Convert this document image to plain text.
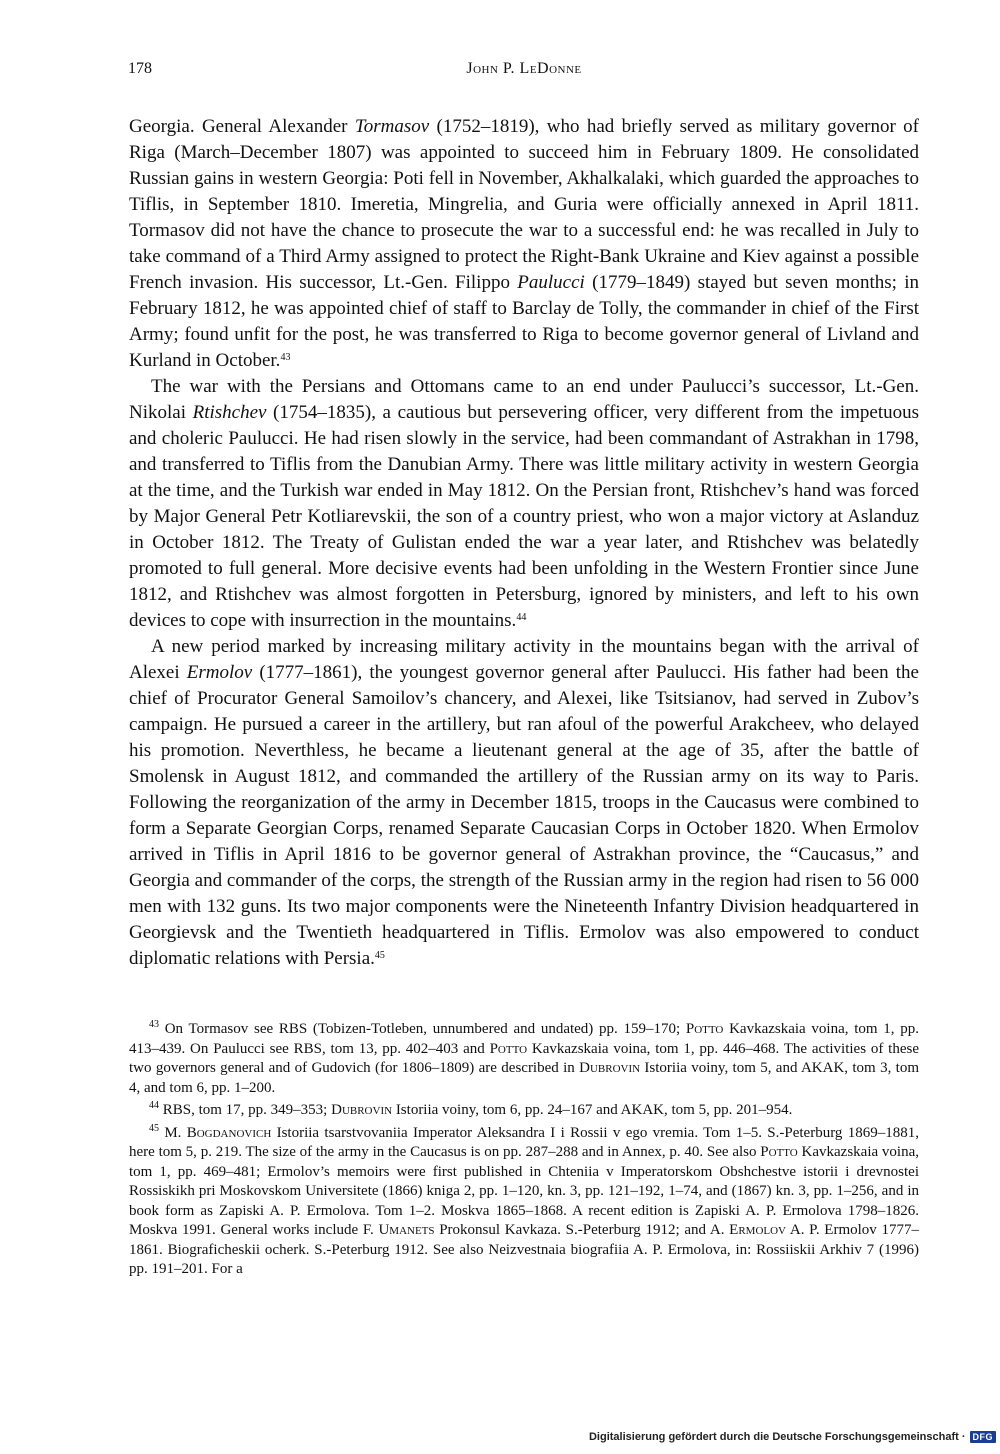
178	John P. LeDonne

Georgia. General Alexander Tormasov (1752–1819), who had briefly served as military governor of Riga (March–December 1807) was appointed to succeed him in February 1809. He consolidated Russian gains in western Georgia: Poti fell in November, Akhalkalaki, which guarded the approaches to Tiflis, in September 1810. Imeretia, Mingrelia, and Guria were officially annexed in April 1811. Tormasov did not have the chance to prosecute the war to a successful end: he was recalled in July to take command of a Third Army assigned to protect the Right-Bank Ukraine and Kiev against a possible French invasion. His successor, Lt.-Gen. Filippo Paulucci (1779–1849) stayed but seven months; in February 1812, he was appointed chief of staff to Barclay de Tolly, the commander in chief of the First Army; found unfit for the post, he was transferred to Riga to become governor general of Livland and Kurland in October.$^{43}$

The war with the Persians and Ottomans came to an end under Paulucci’s successor, Lt.-Gen. Nikolai Rtishchev (1754–1835), a cautious but persevering officer, very different from the impetuous and choleric Paulucci. He had risen slowly in the service, had been commandant of Astrakhan in 1798, and transferred to Tiflis from the Danubian Army. There was little military activity in western Georgia at the time, and the Turkish war ended in May 1812. On the Persian front, Rtishchev’s hand was forced by Major General Petr Kotliarevskii, the son of a country priest, who won a major victory at Aslanduz in October 1812. The Treaty of Gulistan ended the war a year later, and Rtishchev was belatedly promoted to full general. More decisive events had been unfolding in the Western Frontier since June 1812, and Rtishchev was almost forgotten in Petersburg, ignored by ministers, and left to his own devices to cope with insurrection in the mountains.$^{44}$

A new period marked by increasing military activity in the mountains began with the arrival of Alexei Ermolov (1777–1861), the youngest governor general after Paulucci. His father had been the chief of Procurator General Samoilov’s chancery, and Alexei, like Tsitsianov, had served in Zubov’s campaign. He pursued a career in the artillery, but ran afoul of the powerful Arakcheev, who delayed his promotion. Neverthless, he became a lieutenant general at the age of 35, after the battle of Smolensk in August 1812, and commanded the artillery of the Russian army on its way to Paris. Following the reorganization of the army in December 1815, troops in the Caucasus were combined to form a Separate Georgian Corps, renamed Separate Caucasian Corps in October 1820. When Ermolov arrived in Tiflis in April 1816 to be governor general of Astrakhan province, the “Caucasus,” and Georgia and commander of the corps, the strength of the Russian army in the region had risen to 56 000 men with 132 guns. Its two major components were the Nineteenth Infantry Division headquartered in Georgievsk and the Twentieth headquartered in Tiflis. Ermolov was also empowered to conduct diplomatic relations with Persia.$^{45}$

$^{43}$ On Tormasov see RBS (Tobizen-Totleben, unnumbered and undated) pp. 159–170; Potto Kavkazskaia voina, tom 1, pp. 413–439. On Paulucci see RBS, tom 13, pp. 402–403 and Potto Kavkazskaia voina, tom 1, pp. 446–468. The activities of these two governors general and of Gudovich (for 1806–1809) are described in Dubrovin Istoriia voiny, tom 5, and AKAK, tom 3, tom 4, and tom 6, pp. 1–200.

$^{44}$ RBS, tom 17, pp. 349–353; Dubrovin Istoriia voiny, tom 6, pp. 24–167 and AKAK, tom 5, pp. 201–954.

$^{45}$ M. Bogdanovich Istoriia tsarstvovaniia Imperator Aleksandra I i Rossii v ego vremia. Tom 1–5. S.-Peterburg 1869–1881, here tom 5, p. 219. The size of the army in the Caucasus is on pp. 287–288 and in Annex, p. 40. See also Potto Kavkazskaia voina, tom 1, pp. 469–481; Ermolov’s memoirs were first published in Chteniia v Imperatorskom Obshchestve istorii i drevnostei Rossiskikh pri Moskovskom Universitete (1866) kniga 2, pp. 1–120, kn. 3, pp. 121–192, 1–74, and (1867) kn. 3, pp. 1–256, and in book form as Zapiski A. P. Ermolova. Tom 1–2. Moskva 1865–1868. A recent edition is Zapiski A. P. Ermolova 1798–1826. Moskva 1991. General works include F. Umanets Prokonsul Kavkaza. S.-Peterburg 1912; and A. Ermolov A. P. Ermolov 1777–1861. Biograficheskii ocherk. S.-Peterburg 1912. See also Neizvestnaia biografiia A. P. Ermolova, in: Rossiiskii Arkhiv 7 (1996) pp. 191–201. For a

Digitalisierung gefördert durch die Deutsche Forschungsgemeinschaft · DFG
